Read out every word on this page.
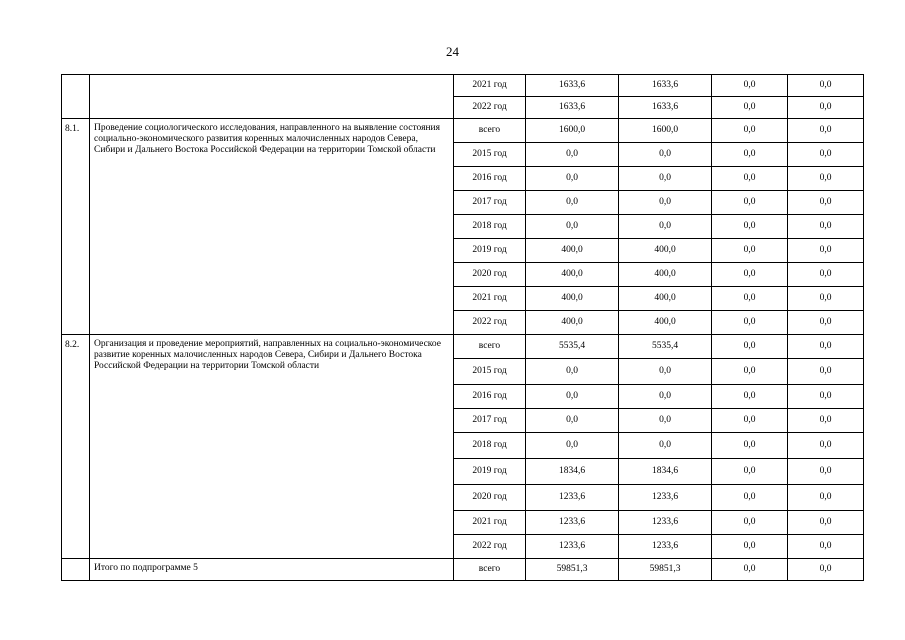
24
		2021 год	1633,6	1633,6	0,0	0,0
		2022 год	1633,6	1633,6	0,0	0,0
8.1.	Проведение социологического исследования, направленного на выявление состояния социально-экономического развития коренных малочисленных народов Севера, Сибири и Дальнего Востока Российской Федерации на территории Томской области	всего	1600,0	1600,0	0,0	0,0
		2015 год	0,0	0,0	0,0	0,0
		2016 год	0,0	0,0	0,0	0,0
		2017 год	0,0	0,0	0,0	0,0
		2018 год	0,0	0,0	0,0	0,0
		2019 год	400,0	400,0	0,0	0,0
		2020 год	400,0	400,0	0,0	0,0
		2021 год	400,0	400,0	0,0	0,0
		2022 год	400,0	400,0	0,0	0,0
8.2.	Организация и проведение мероприятий, направленных на социально-экономическое развитие коренных малочисленных народов Севера, Сибири и Дальнего Востока Российской Федерации на территории Томской области	всего	5535,4	5535,4	0,0	0,0
		2015 год	0,0	0,0	0,0	0,0
		2016 год	0,0	0,0	0,0	0,0
		2017 год	0,0	0,0	0,0	0,0
		2018 год	0,0	0,0	0,0	0,0
		2019 год	1834,6	1834,6	0,0	0,0
		2020 год	1233,6	1233,6	0,0	0,0
		2021 год	1233,6	1233,6	0,0	0,0
		2022 год	1233,6	1233,6	0,0	0,0
	Итого по подпрограмме 5	всего	59851,3	59851,3	0,0	0,0
